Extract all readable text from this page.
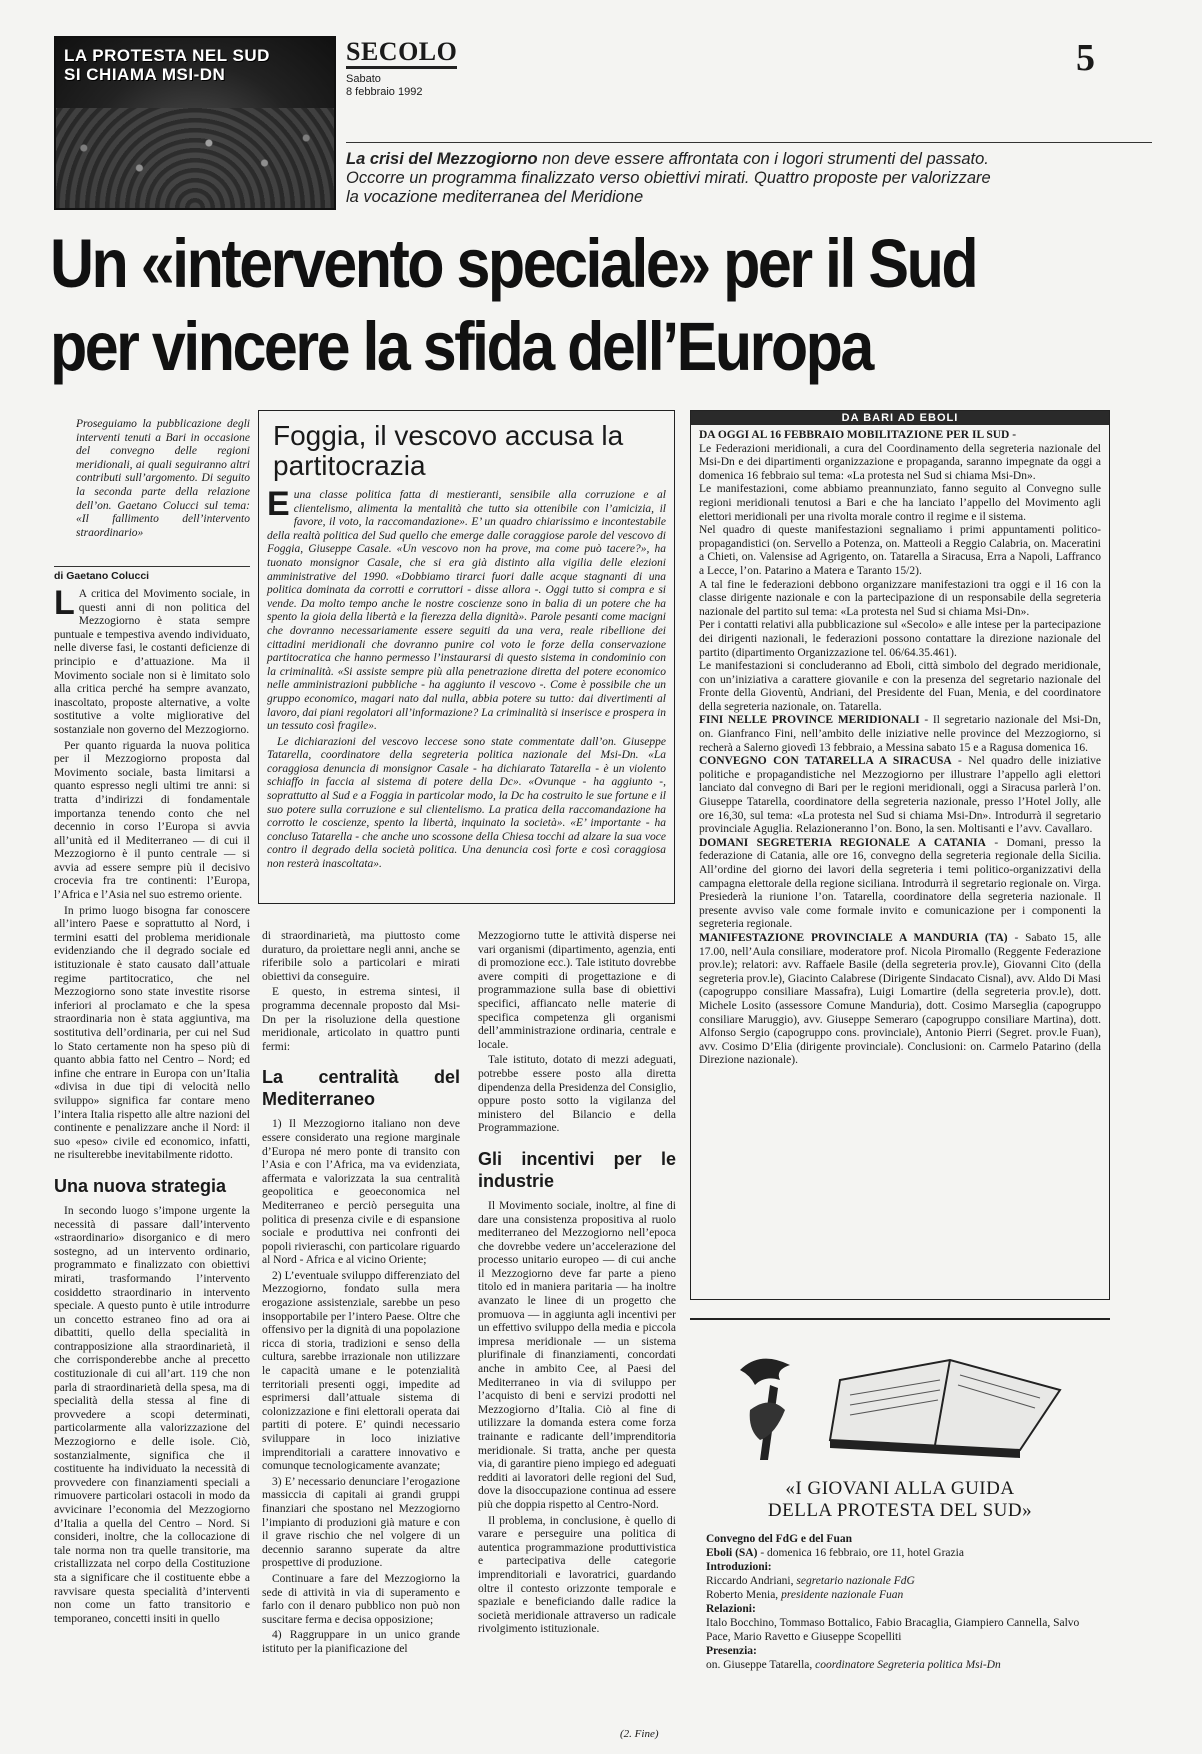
LA PROTESTA NEL SUD
SI CHIAMA MSI-DN
SECOLO
Sabato
8 febbraio 1992
5
La crisi del Mezzogiorno non deve essere affrontata con i logori strumenti del passato. Occorre un programma finalizzato verso obiettivi mirati. Quattro proposte per valorizzare la vocazione mediterranea del Meridione
Un «intervento speciale» per il Sud
per vincere la sfida dell’Europa
Proseguiamo la pubblicazione degli interventi tenuti a Bari in occasione del convegno delle regioni meridionali, ai quali seguiranno altri contributi sull’argomento. Di seguito la seconda parte della relazione dell’on. Gaetano Colucci sul tema: «Il fallimento dell’intervento straordinario»
di Gaetano Colucci

L A critica del Movimento sociale, in questi anni di non politica del Mezzogiorno è stata sempre puntuale e tempestiva avendo individuato, nelle diverse fasi, le costanti deficienze di principio e d’attuazione. Ma il Movimento sociale non si è limitato solo alla critica perché ha sempre avanzato, inascoltato, proposte alternative, a volte sostitutive a volte migliorative del sostanziale non governo del Mezzogiorno.

Per quanto riguarda la nuova politica per il Mezzogiorno proposta dal Movimento sociale, basta limitarsi a quanto espresso negli ultimi tre anni: si tratta d’indirizzi di fondamentale importanza tenendo conto che nel decennio in corso l’Europa si avvia all’unità ed il Mediterraneo — di cui il Mezzogiorno è il punto centrale — si avvia ad essere sempre più il decisivo crocevia fra tre continenti: l’Europa, l’Africa e l’Asia nel suo estremo oriente.

In primo luogo bisogna far conoscere all’intero Paese e soprattutto al Nord, i termini esatti del problema meridionale evidenziando che il degrado sociale ed istituzionale è stato causato dall’attuale regime partitocratico, che nel Mezzogiorno sono state investite risorse inferiori al proclamato e che la spesa straordinaria non è stata aggiuntiva, ma sostitutiva dell’ordinaria, per cui nel Sud lo Stato certamente non ha speso più di quanto abbia fatto nel Centro – Nord; ed infine che entrare in Europa con un’Italia «divisa in due tipi di velocità nello sviluppo» significa far contare meno l’intera Italia rispetto alle altre nazioni del continente e penalizzare anche il Nord: il suo «peso» civile ed economico, infatti, ne risulterebbe inevitabilmente ridotto.

Una nuova strategia

In secondo luogo s’impone urgente la necessità di passare dall’intervento «straordinario» disorganico e di mero sostegno, ad un intervento ordinario, programmato e finalizzato con obiettivi mirati, trasformando l’intervento cosiddetto straordinario in intervento speciale. A questo punto è utile introdurre un concetto estraneo fino ad ora ai dibattiti, quello della specialità in contrapposizione alla straordinarietà, il che corrisponderebbe anche al precetto costituzionale di cui all’art. 119 che non parla di straordinarietà della spesa, ma di specialità della stessa al fine di provvedere a scopi determinati, particolarmente alla valorizzazione del Mezzogiorno e delle isole. Ciò, sostanzialmente, significa che il costituente ha individuato la necessità di provvedere con finanziamenti speciali a rimuovere particolari ostacoli in modo da avvicinare l’economia del Mezzogiorno d’Italia a quella del Centro – Nord. Si consideri, inoltre, che la collocazione di tale norma non tra quelle transitorie, ma cristallizzata nel corpo della Costituzione sta a significare che il costituente ebbe a ravvisare questa specialità d’interventi non come un fatto transitorio e temporaneo, concetti insiti in quello

Foggia, il vescovo accusa la partitocrazia

Euna classe politica fatta di mestieranti, sensibile alla corruzione e al clientelismo, alimenta la mentalità che tutto sia ottenibile con l’amicizia, il favore, il voto, la raccomandazione». E’ un quadro chiarissimo e incontestabile della realtà politica del Sud quello che emerge dalle coraggiose parole del vescovo di Foggia, Giuseppe Casale. «Un vescovo non ha prove, ma come può tacere?», ha tuonato monsignor Casale, che si era già distinto alla vigilia delle elezioni amministrative del 1990. «Dobbiamo tirarci fuori dalle acque stagnanti di una politica dominata da corrotti e corruttori - disse allora -. Oggi tutto si compra e si vende. Da molto tempo anche le nostre coscienze sono in balia di un potere che ha spento la gioia della libertà e la fierezza della dignità». Parole pesanti come macigni che dovranno necessariamente essere seguiti da una vera, reale ribellione dei cittadini meridionali che dovranno punire col voto le forze della conservazione partitocratica che hanno permesso l’instaurarsi di questo sistema in condominio con la criminalità. «Si assiste sempre più alla penetrazione diretta del potere economico nelle amministrazioni pubbliche - ha aggiunto il vescovo -. Come è possibile che un gruppo economico, magari nato dal nulla, abbia potere su tutto: dai divertimenti al lavoro, dai piani regolatori all’informazione? La criminalità si inserisce e prospera in un tessuto così fragile».

Le dichiarazioni del vescovo leccese sono state commentate dall’on. Giuseppe Tatarella, coordinatore della segreteria politica nazionale del Msi-Dn. «La coraggiosa denuncia di monsignor Casale - ha dichiarato Tatarella - è un violento schiaffo in faccia al sistema di potere della Dc». «Ovunque - ha aggiunto -, soprattutto al Sud e a Foggia in particolar modo, la Dc ha costruito le sue fortune e il suo potere sulla corruzione e sul clientelismo. La pratica della raccomandazione ha corrotto le coscienze, spento la libertà, inquinato la società». «E’ importante - ha concluso Tatarella - che anche uno scossone della Chiesa tocchi ad alzare la sua voce contro il degrado della società politica. Una denuncia così forte e così coraggiosa non resterà inascoltata».

di straordinarietà, ma piuttosto come duraturo, da proiettare negli anni, anche se riferibile solo a particolari e mirati obiettivi da conseguire.

E questo, in estrema sintesi, il programma decennale proposto dal Msi-Dn per la risoluzione della questione meridionale, articolato in quattro punti fermi:

La centralità del Mediterraneo

1) Il Mezzogiorno italiano non deve essere considerato una regione marginale d’Europa né mero ponte di transito con l’Asia e con l’Africa, ma va evidenziata, affermata e valorizzata la sua centralità geopolitica e geoeconomica nel Mediterraneo e perciò perseguita una politica di presenza civile e di espansione sociale e produttiva nei confronti dei popoli rivieraschi, con particolare riguardo al Nord - Africa e al vicino Oriente;

2) L’eventuale sviluppo differenziato del Mezzogiorno, fondato sulla mera erogazione assistenziale, sarebbe un peso insopportabile per l’intero Paese. Oltre che offensivo per la dignità di una popolazione ricca di storia, tradizioni e senso della cultura, sarebbe irrazionale non utilizzare le capacità umane e le potenzialità territoriali presenti oggi, impedite ad esprimersi dall’attuale sistema di colonizzazione e fini elettorali operata dai partiti di potere. E’ quindi necessario sviluppare in loco iniziative imprenditoriali a carattere innovativo e comunque tecnologicamente avanzate;

3) E’ necessario denunciare l’erogazione massiccia di capitali ai grandi gruppi finanziari che spostano nel Mezzogiorno l’impianto di produzioni già mature e con il grave rischio che nel volgere di un decennio saranno superate da altre prospettive di produzione.

Continuare a fare del Mezzogiorno la sede di attività in via di superamento e farlo con il denaro pubblico non può non suscitare ferma e decisa opposizione;

4) Raggruppare in un unico grande istituto per la pianificazione del

Mezzogiorno tutte le attività disperse nei vari organismi (dipartimento, agenzia, enti di promozione ecc.). Tale istituto dovrebbe avere compiti di progettazione e di programmazione sulla base di obiettivi specifici, affiancato nelle materie di specifica competenza gli organismi dell’amministrazione ordinaria, centrale e locale.

Tale istituto, dotato di mezzi adeguati, potrebbe essere posto alla diretta dipendenza della Presidenza del Consiglio, oppure posto sotto la vigilanza del ministero del Bilancio e della Programmazione.

Gli incentivi per le industrie

Il Movimento sociale, inoltre, al fine di dare una consistenza propositiva al ruolo mediterraneo del Mezzogiorno nell’epoca che dovrebbe vedere un’accelerazione del processo unitario europeo — di cui anche il Mezzogiorno deve far parte a pieno titolo ed in maniera paritaria — ha inoltre avanzato le linee di un progetto che promuova — in aggiunta agli incentivi per un effettivo sviluppo della media e piccola impresa meridionale — un sistema plurifinale di finanziamenti, concordati anche in ambito Cee, al Paesi del Mediterraneo in via di sviluppo per l’acquisto di beni e servizi prodotti nel Mezzogiorno d’Italia. Ciò al fine di utilizzare la domanda estera come forza trainante e radicante dell’imprenditoria meridionale. Si tratta, anche per questa via, di garantire pieno impiego ed adeguati redditi ai lavoratori delle regioni del Sud, dove la disoccupazione continua ad essere più che doppia rispetto al Centro-Nord.

Il problema, in conclusione, è quello di varare e perseguire una politica di autentica programmazione produttivistica e partecipativa delle categorie imprenditoriali e lavoratrici, guardando oltre il contesto orizzonte temporale e spaziale e beneficiando dalle radice la società meridionale attraverso un radicale rivolgimento istituzionale.

(2. Fine)
DA BARI AD EBOLI
DA OGGI AL 16 FEBBRAIO MOBILITAZIONE PER IL SUD -
Le Federazioni meridionali, a cura del Coordinamento della segreteria nazionale del Msi-Dn e dei dipartimenti organizzazione e propaganda, saranno impegnate da oggi a domenica 16 febbraio sul tema: «La protesta nel Sud si chiama Msi-Dn».
Le manifestazioni, come abbiamo preannunziato, fanno seguito al Convegno sulle regioni meridionali tenutosi a Bari e che ha lanciato l’appello del Movimento agli elettori meridionali per una rivolta morale contro il regime e il sistema.
Nel quadro di queste manifestazioni segnaliamo i primi appuntamenti politico-propagandistici (on. Servello a Potenza, on. Matteoli a Reggio Calabria, on. Maceratini a Chieti, on. Valensise ad Agrigento, on. Tatarella a Siracusa, Erra a Napoli, Laffranco a Lecce, l’on. Patarino a Matera e Taranto 15/2).
A tal fine le federazioni debbono organizzare manifestazioni tra oggi e il 16 con la classe dirigente nazionale e con la partecipazione di un responsabile della segreteria nazionale del partito sul tema: «La protesta nel Sud si chiama Msi-Dn».
Per i contatti relativi alla pubblicazione sul «Secolo» e alle intese per la partecipazione dei dirigenti nazionali, le federazioni possono contattare la direzione nazionale del partito (dipartimento Organizzazione tel. 06/64.35.461).
Le manifestazioni si concluderanno ad Eboli, città simbolo del degrado meridionale, con un’iniziativa a carattere giovanile e con la presenza del segretario nazionale del Fronte della Gioventù, Andriani, del Presidente del Fuan, Menia, e del coordinatore della segreteria nazionale, on. Tatarella.
FINI NELLE PROVINCE MERIDIONALI - Il segretario nazionale del Msi-Dn, on. Gianfranco Fini, nell’ambito delle iniziative nelle province del Mezzogiorno, si recherà a Salerno giovedì 13 febbraio, a Messina sabato 15 e a Ragusa domenica 16.
CONVEGNO CON TATARELLA A SIRACUSA - Nel quadro delle iniziative politiche e propagandistiche nel Mezzogiorno per illustrare l’appello agli elettori lanciato dal convegno di Bari per le regioni meridionali, oggi a Siracusa parlerà l’on. Giuseppe Tatarella, coordinatore della segreteria nazionale, presso l’Hotel Jolly, alle ore 16,30, sul tema: «La protesta nel Sud si chiama Msi-Dn». Introdurrà il segretario provinciale Aguglia. Relazioneranno l’on. Bono, la sen. Moltisanti e l’avv. Cavallaro.
DOMANI SEGRETERIA REGIONALE A CATANIA - Domani, presso la federazione di Catania, alle ore 16, convegno della segreteria regionale della Sicilia. All’ordine del giorno dei lavori della segreteria i temi politico-organizzativi della campagna elettorale della regione siciliana. Introdurrà il segretario regionale on. Virga. Presiederà la riunione l’on. Tatarella, coordinatore della segreteria nazionale. Il presente avviso vale come formale invito e comunicazione per i componenti la segreteria regionale.
MANIFESTAZIONE PROVINCIALE A MANDURIA (TA) - Sabato 15, alle 17.00, nell’Aula consiliare, moderatore prof. Nicola Piromallo (Reggente Federazione prov.le); relatori: avv. Raffaele Basile (della segreteria prov.le), Giovanni Cito (della segreteria prov.le), Giacinto Calabrese (Dirigente Sindacato Cisnal), avv. Aldo Di Masi (capogruppo consiliare Massafra), Luigi Lomartire (della segreteria prov.le), dott. Michele Losito (assessore Comune Manduria), dott. Cosimo Marseglia (capogruppo consiliare Maruggio), avv. Giuseppe Semeraro (capogruppo consiliare Martina), dott. Alfonso Sergio (capogruppo cons. provinciale), Antonio Pierri (Segret. prov.le Fuan), avv. Cosimo D’Elia (dirigente provinciale). Conclusioni: on. Carmelo Patarino (della Direzione nazionale).
«I GIOVANI ALLA GUIDA
DELLA PROTESTA DEL SUD»
Convegno del FdG e del Fuan
Eboli (SA) - domenica 16 febbraio, ore 11, hotel Grazia
Introduzioni:
Riccardo Andriani, segretario nazionale FdG
Roberto Menia, presidente nazionale Fuan
Relazioni:
Italo Bocchino, Tommaso Bottalico, Fabio Bracaglia, Giampiero Cannella, Salvo Pace, Mario Ravetto e Giuseppe Scopelliti
Presenzia:
on. Giuseppe Tatarella, coordinatore Segreteria politica Msi-Dn
